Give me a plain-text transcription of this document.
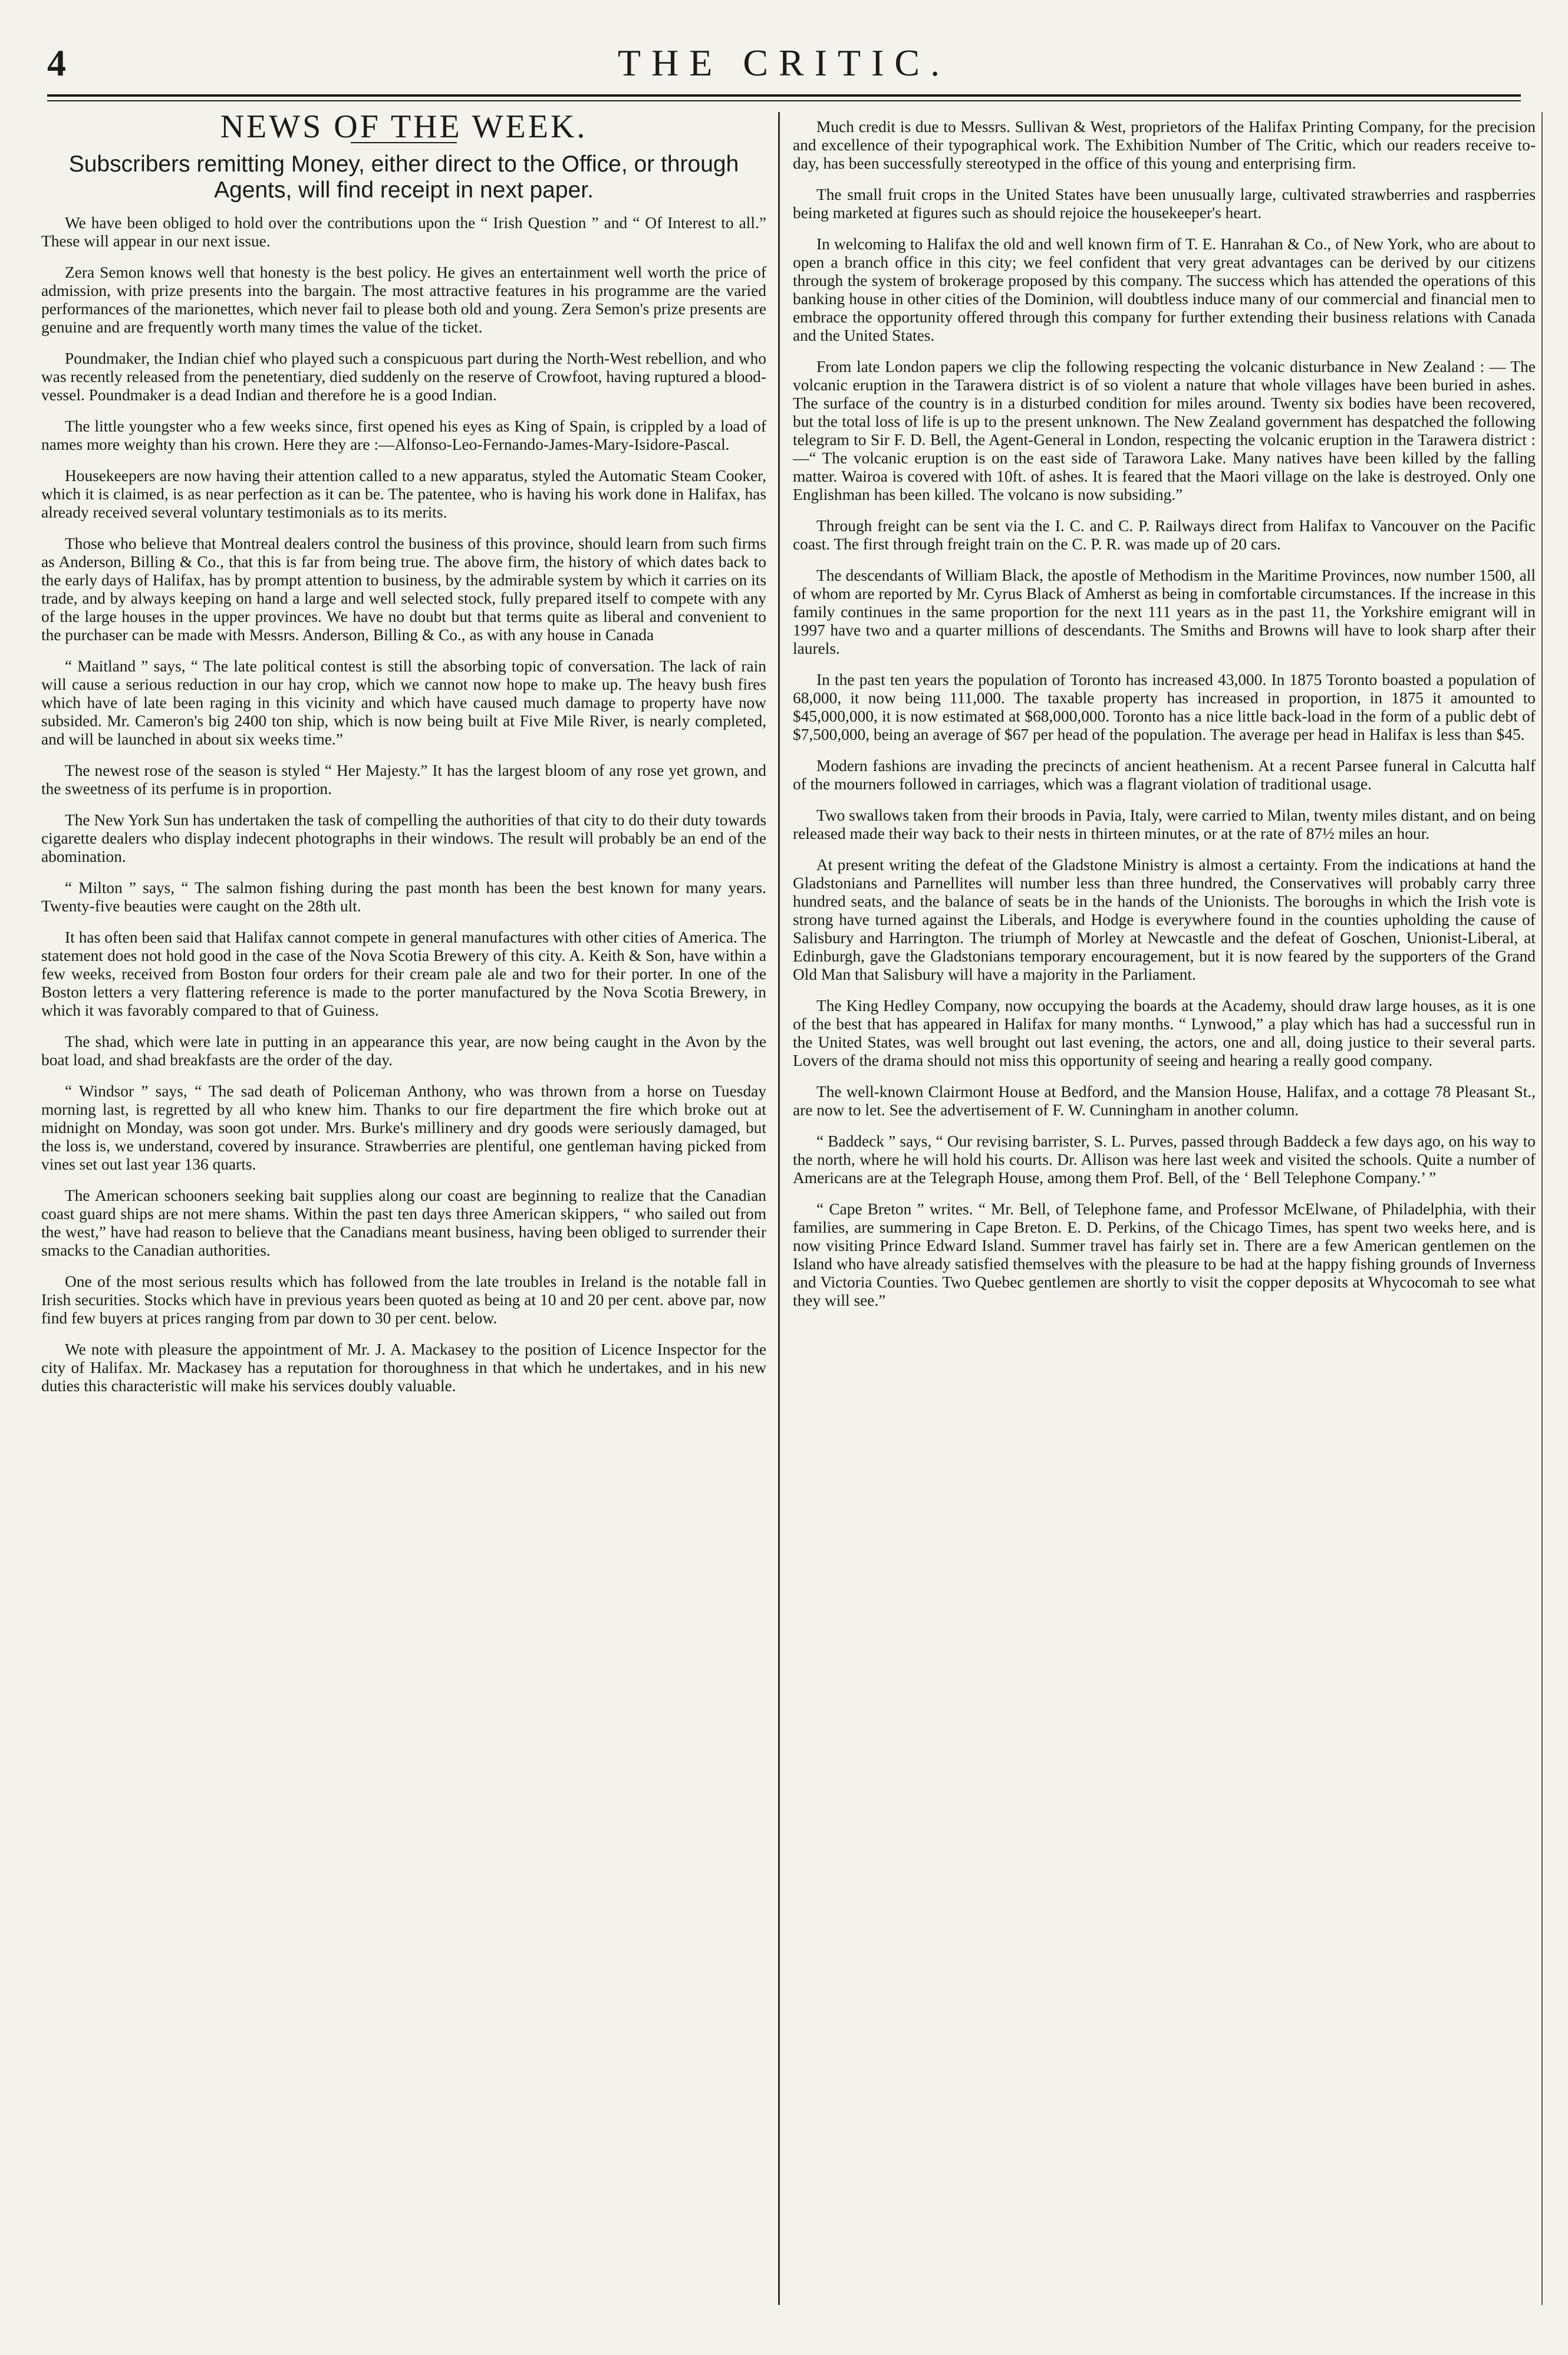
4	THE CRITIC.
NEWS OF THE WEEK.
Subscribers remitting Money, either direct to the Office, or through Agents, will find receipt in next paper.

We have been obliged to hold over the contributions upon the “ Irish Question ” and “ Of Interest to all.” These will appear in our next issue.

Zera Semon knows well that honesty is the best policy. He gives an entertainment well worth the price of admission, with prize presents into the bargain. The most attractive features in his programme are the varied performances of the marionettes, which never fail to please both old and young. Zera Semon's prize presents are genuine and are frequently worth many times the value of the ticket.

Poundmaker, the Indian chief who played such a conspicuous part during the North-West rebellion, and who was recently released from the penetentiary, died suddenly on the reserve of Crowfoot, having ruptured a blood-vessel. Poundmaker is a dead Indian and therefore he is a good Indian.

The little youngster who a few weeks since, first opened his eyes as King of Spain, is crippled by a load of names more weighty than his crown. Here they are :—Alfonso-Leo-Fernando-James-Mary-Isidore-Pascal.

Housekeepers are now having their attention called to a new apparatus, styled the Automatic Steam Cooker, which it is claimed, is as near perfection as it can be. The patentee, who is having his work done in Halifax, has already received several voluntary testimonials as to its merits.

Those who believe that Montreal dealers control the business of this province, should learn from such firms as Anderson, Billing & Co., that this is far from being true. The above firm, the history of which dates back to the early days of Halifax, has by prompt attention to business, by the admirable system by which it carries on its trade, and by always keeping on hand a large and well selected stock, fully prepared itself to compete with any of the large houses in the upper provinces. We have no doubt but that terms quite as liberal and convenient to the purchaser can be made with Messrs. Anderson, Billing & Co., as with any house in Canada

“ Maitland ” says, “ The late political contest is still the absorbing topic of conversation. The lack of rain will cause a serious reduction in our hay crop, which we cannot now hope to make up. The heavy bush fires which have of late been raging in this vicinity and which have caused much damage to property have now subsided. Mr. Cameron's big 2400 ton ship, which is now being built at Five Mile River, is nearly completed, and will be launched in about six weeks time.”

The newest rose of the season is styled “ Her Majesty.” It has the largest bloom of any rose yet grown, and the sweetness of its perfume is in proportion.

The New York Sun has undertaken the task of compelling the authorities of that city to do their duty towards cigarette dealers who display indecent photographs in their windows. The result will probably be an end of the abomination.

“ Milton ” says, “ The salmon fishing during the past month has been the best known for many years. Twenty-five beauties were caught on the 28th ult.

It has often been said that Halifax cannot compete in general manufactures with other cities of America. The statement does not hold good in the case of the Nova Scotia Brewery of this city. A. Keith & Son, have within a few weeks, received from Boston four orders for their cream pale ale and two for their porter. In one of the Boston letters a very flattering reference is made to the porter manufactured by the Nova Scotia Brewery, in which it was favorably compared to that of Guiness.

The shad, which were late in putting in an appearance this year, are now being caught in the Avon by the boat load, and shad breakfasts are the order of the day.

“ Windsor ” says, “ The sad death of Policeman Anthony, who was thrown from a horse on Tuesday morning last, is regretted by all who knew him. Thanks to our fire department the fire which broke out at midnight on Monday, was soon got under. Mrs. Burke's millinery and dry goods were seriously damaged, but the loss is, we understand, covered by insurance. Strawberries are plentiful, one gentleman having picked from vines set out last year 136 quarts.

The American schooners seeking bait supplies along our coast are beginning to realize that the Canadian coast guard ships are not mere shams. Within the past ten days three American skippers, “ who sailed out from the west,” have had reason to believe that the Canadians meant business, having been obliged to surrender their smacks to the Canadian authorities.

One of the most serious results which has followed from the late troubles in Ireland is the notable fall in Irish securities. Stocks which have in previous years been quoted as being at 10 and 20 per cent. above par, now find few buyers at prices ranging from par down to 30 per cent. below.

We note with pleasure the appointment of Mr. J. A. Mackasey to the position of Licence Inspector for the city of Halifax. Mr. Mackasey has a reputation for thoroughness in that which he undertakes, and in his new duties this characteristic will make his services doubly valuable.

Much credit is due to Messrs. Sullivan & West, proprietors of the Halifax Printing Company, for the precision and excellence of their typographical work. The Exhibition Number of The Critic, which our readers receive to-day, has been successfully stereotyped in the office of this young and enterprising firm.

The small fruit crops in the United States have been unusually large, cultivated strawberries and raspberries being marketed at figures such as should rejoice the housekeeper's heart.

In welcoming to Halifax the old and well known firm of T. E. Hanrahan & Co., of New York, who are about to open a branch office in this city; we feel confident that very great advantages can be derived by our citizens through the system of brokerage proposed by this company. The success which has attended the operations of this banking house in other cities of the Dominion, will doubtless induce many of our commercial and financial men to embrace the opportunity offered through this company for further extending their business relations with Canada and the United States.

From late London papers we clip the following respecting the volcanic disturbance in New Zealand : — The volcanic eruption in the Tarawera district is of so violent a nature that whole villages have been buried in ashes. The surface of the country is in a disturbed condition for miles around. Twenty six bodies have been recovered, but the total loss of life is up to the present unknown. The New Zealand government has despatched the following telegram to Sir F. D. Bell, the Agent-General in London, respecting the volcanic eruption in the Tarawera district :—“ The volcanic eruption is on the east side of Tarawora Lake. Many natives have been killed by the falling matter. Wairoa is covered with 10ft. of ashes. It is feared that the Maori village on the lake is destroyed. Only one Englishman has been killed. The volcano is now subsiding.”

Through freight can be sent via the I. C. and C. P. Railways direct from Halifax to Vancouver on the Pacific coast. The first through freight train on the C. P. R. was made up of 20 cars.

The descendants of William Black, the apostle of Methodism in the Maritime Provinces, now number 1500, all of whom are reported by Mr. Cyrus Black of Amherst as being in comfortable circumstances. If the increase in this family continues in the same proportion for the next 111 years as in the past 11, the Yorkshire emigrant will in 1997 have two and a quarter millions of descendants. The Smiths and Browns will have to look sharp after their laurels.

In the past ten years the population of Toronto has increased 43,000. In 1875 Toronto boasted a population of 68,000, it now being 111,000. The taxable property has increased in proportion, in 1875 it amounted to $45,000,000, it is now estimated at $68,000,000. Toronto has a nice little back-load in the form of a public debt of $7,500,000, being an average of $67 per head of the population. The average per head in Halifax is less than $45.

Modern fashions are invading the precincts of ancient heathenism. At a recent Parsee funeral in Calcutta half of the mourners followed in carriages, which was a flagrant violation of traditional usage.

Two swallows taken from their broods in Pavia, Italy, were carried to Milan, twenty miles distant, and on being released made their way back to their nests in thirteen minutes, or at the rate of 87½ miles an hour.

At present writing the defeat of the Gladstone Ministry is almost a certainty. From the indications at hand the Gladstonians and Parnellites will number less than three hundred, the Conservatives will probably carry three hundred seats, and the balance of seats be in the hands of the Unionists. The boroughs in which the Irish vote is strong have turned against the Liberals, and Hodge is everywhere found in the counties upholding the cause of Salisbury and Harrington. The triumph of Morley at Newcastle and the defeat of Goschen, Unionist-Liberal, at Edinburgh, gave the Gladstonians temporary encouragement, but it is now feared by the supporters of the Grand Old Man that Salisbury will have a majority in the Parliament.

The King Hedley Company, now occupying the boards at the Academy, should draw large houses, as it is one of the best that has appeared in Halifax for many months. “ Lynwood,” a play which has had a successful run in the United States, was well brought out last evening, the actors, one and all, doing justice to their several parts. Lovers of the drama should not miss this opportunity of seeing and hearing a really good company.

The well-known Clairmont House at Bedford, and the Mansion House, Halifax, and a cottage 78 Pleasant St., are now to let. See the advertisement of F. W. Cunningham in another column.

“ Baddeck ” says, “ Our revising barrister, S. L. Purves, passed through Baddeck a few days ago, on his way to the north, where he will hold his courts. Dr. Allison was here last week and visited the schools. Quite a number of Americans are at the Telegraph House, among them Prof. Bell, of the ‘ Bell Telephone Company.’ ”

“ Cape Breton ” writes. “ Mr. Bell, of Telephone fame, and Professor McElwane, of Philadelphia, with their families, are summering in Cape Breton. E. D. Perkins, of the Chicago Times, has spent two weeks here, and is now visiting Prince Edward Island. Summer travel has fairly set in. There are a few American gentlemen on the Island who have already satisfied themselves with the pleasure to be had at the happy fishing grounds of Inverness and Victoria Counties. Two Quebec gentlemen are shortly to visit the copper deposits at Whycocomah to see what they will see.”
